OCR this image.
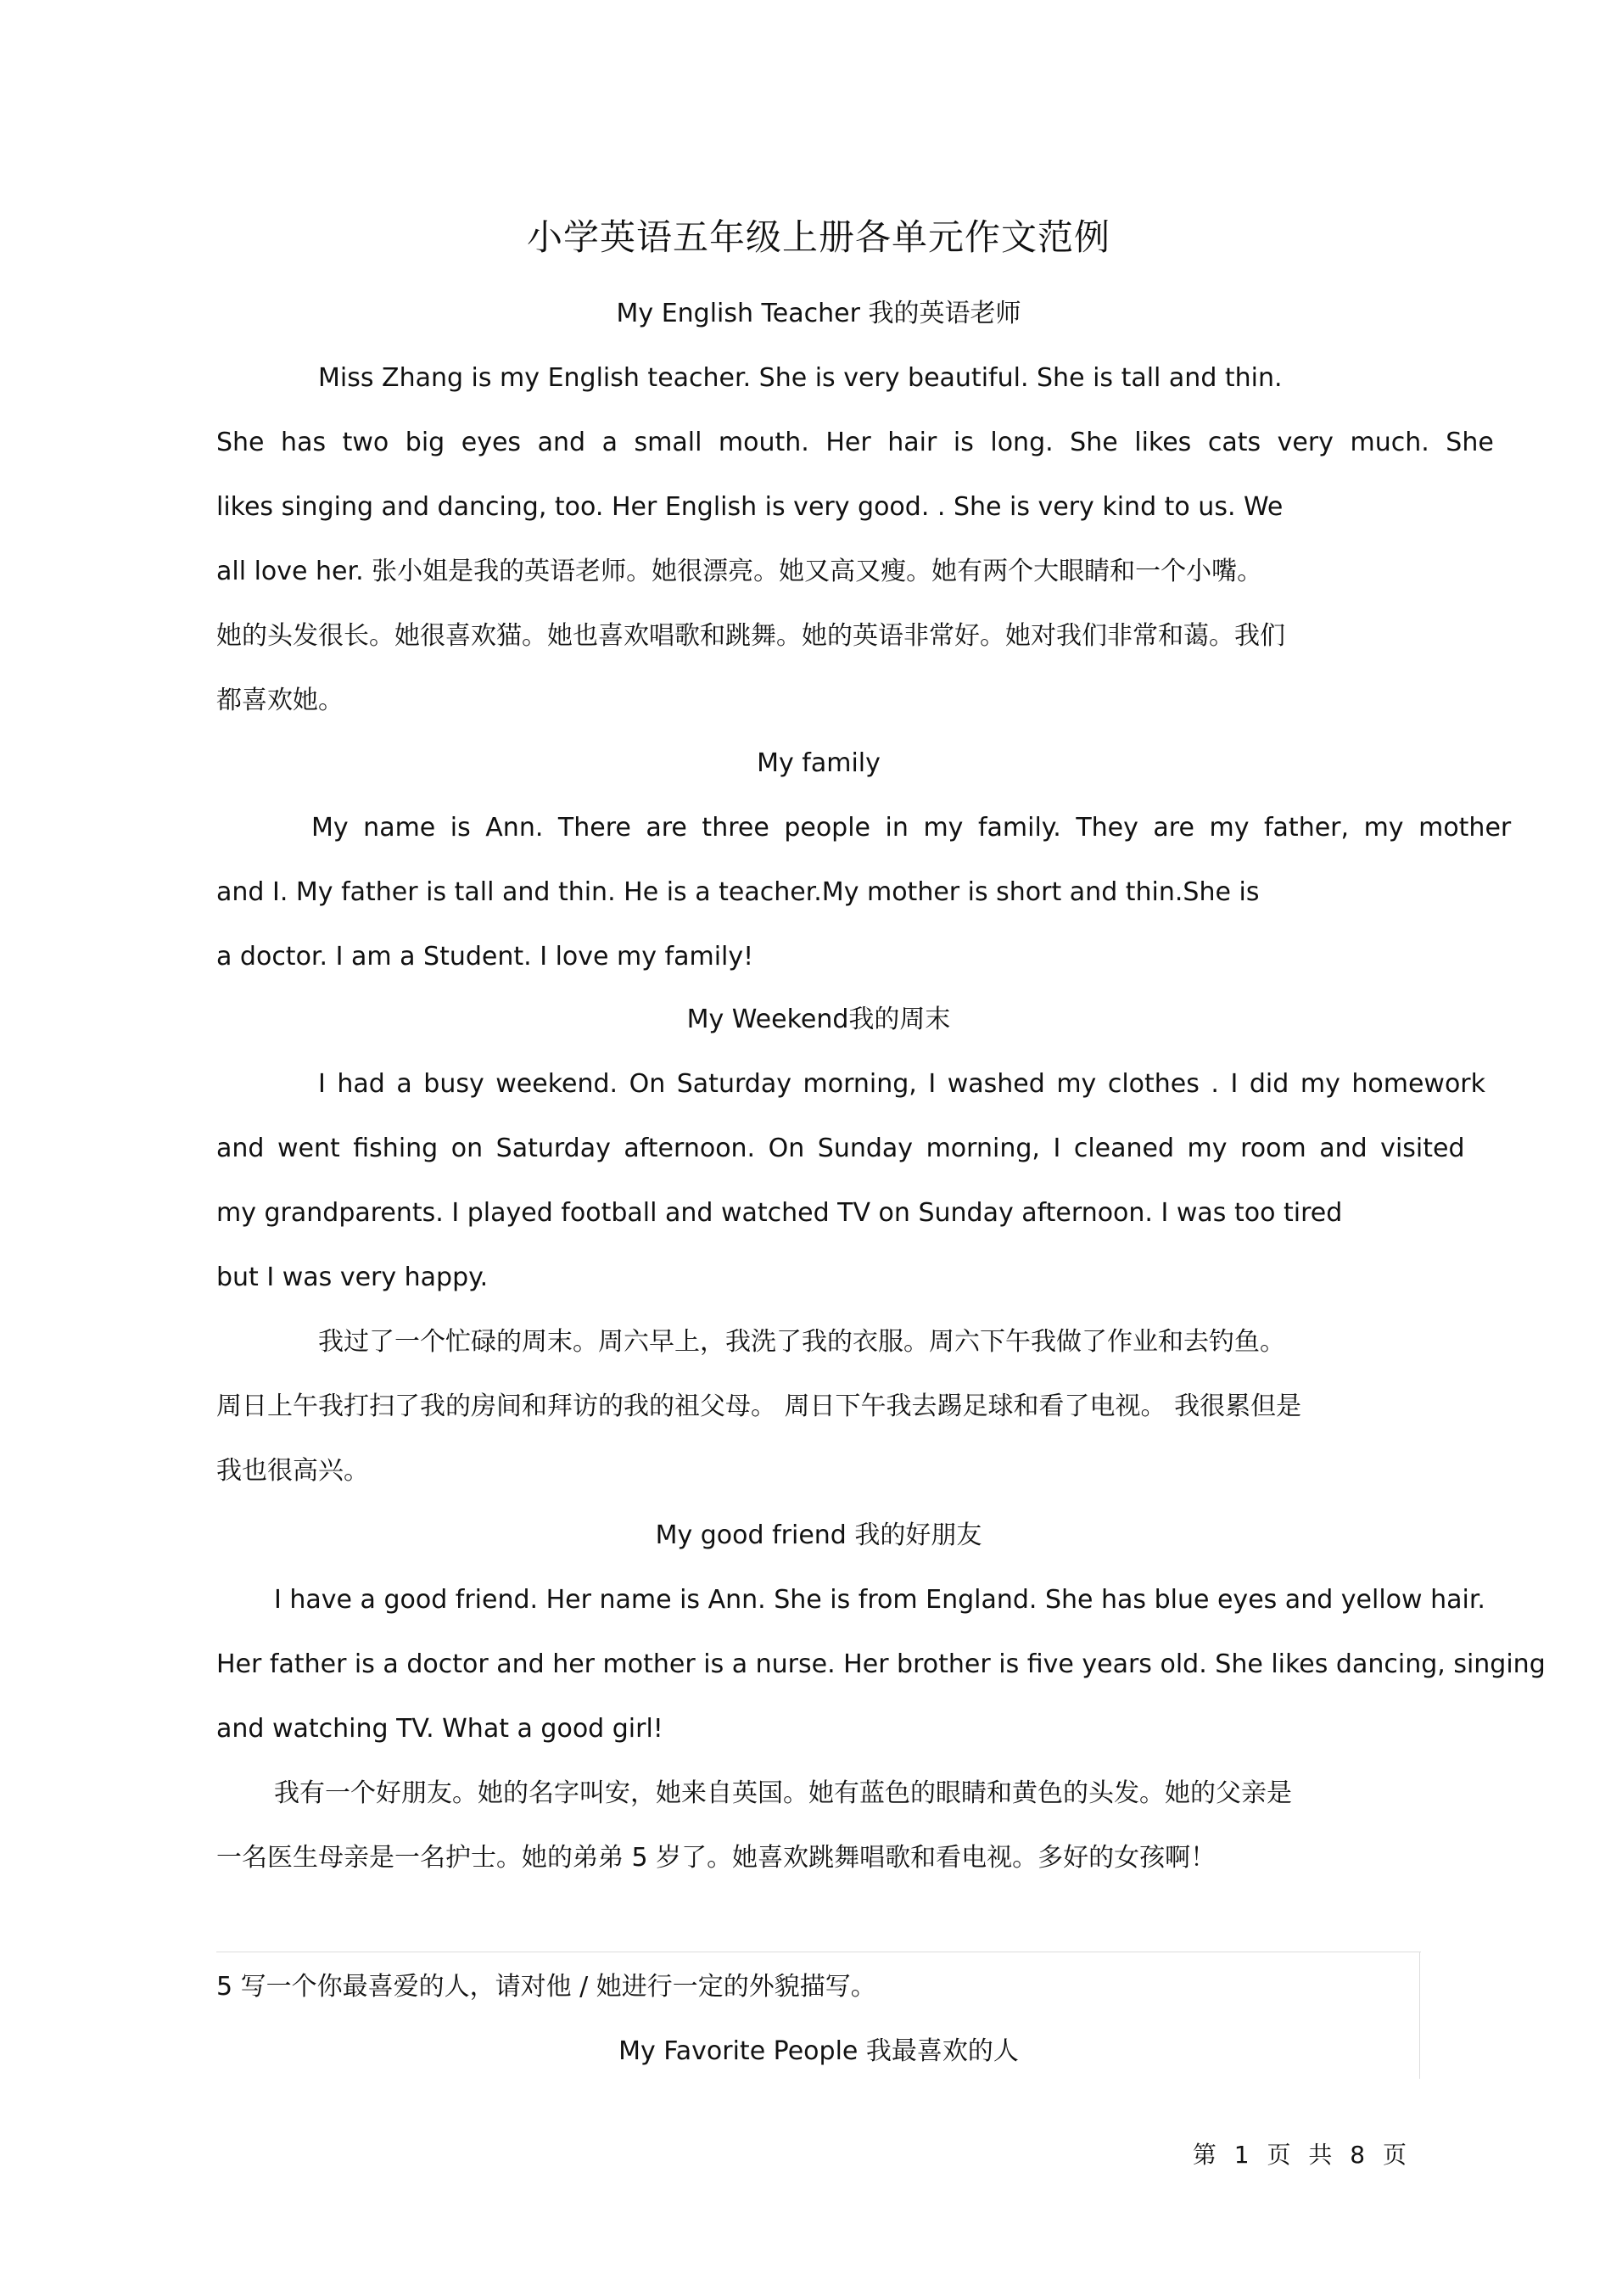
小学英语五年级上册各单元作文范例
My English Teacher 我的英语老师
Miss Zhang is my English teacher. She is very beautiful. She is tall and thin.
She has two big eyes and a small mouth. Her hair is long. She likes cats very much. She
likes singing and dancing, too. Her English is very good. . She is very kind to us. We
all love her. 张小姐是我的英语老师。她很漂亮。她又高又瘦。她有两个大眼睛和一个小嘴。
她的头发很长。她很喜欢猫。她也喜欢唱歌和跳舞。她的英语非常好。她对我们非常和蔼。我们
都喜欢她。
My family
My name is Ann. There are three people in my family. They are my father, my mother
and I. My father is tall and thin. He is a teacher.My mother is short and thin.She is
a doctor. I am a Student. I love my family!
My Weekend我的周末
I had a busy weekend. On Saturday morning, I washed my clothes . I did my homework
and went fishing on Saturday afternoon. On Sunday morning, I cleaned my room and visited
my grandparents. I played football and watched TV on Sunday afternoon. I was too tired
but I was very happy.
我过了一个忙碌的周末。周六早上，我洗了我的衣服。周六下午我做了作业和去钓鱼。
周日上午我打扫了我的房间和拜访的我的祖父母。 周日下午我去踢足球和看了电视。 我很累但是
我也很高兴。
My good friend 我的好朋友
I have a good friend. Her name is Ann. She is from England. She has blue eyes and yellow hair.
Her father is a doctor and her mother is a nurse. Her brother is five years old. She likes dancing, singing
and watching TV. What a good girl!
我有一个好朋友。她的名字叫安，她来自英国。她有蓝色的眼睛和黄色的头发。她的父亲是
一名医生母亲是一名护士。她的弟弟 5 岁了。她喜欢跳舞唱歌和看电视。多好的女孩啊！
5 写一个你最喜爱的人，请对他 / 她进行一定的外貌描写。
My Favorite People 我最喜欢的人
第 1 页 共 8 页
